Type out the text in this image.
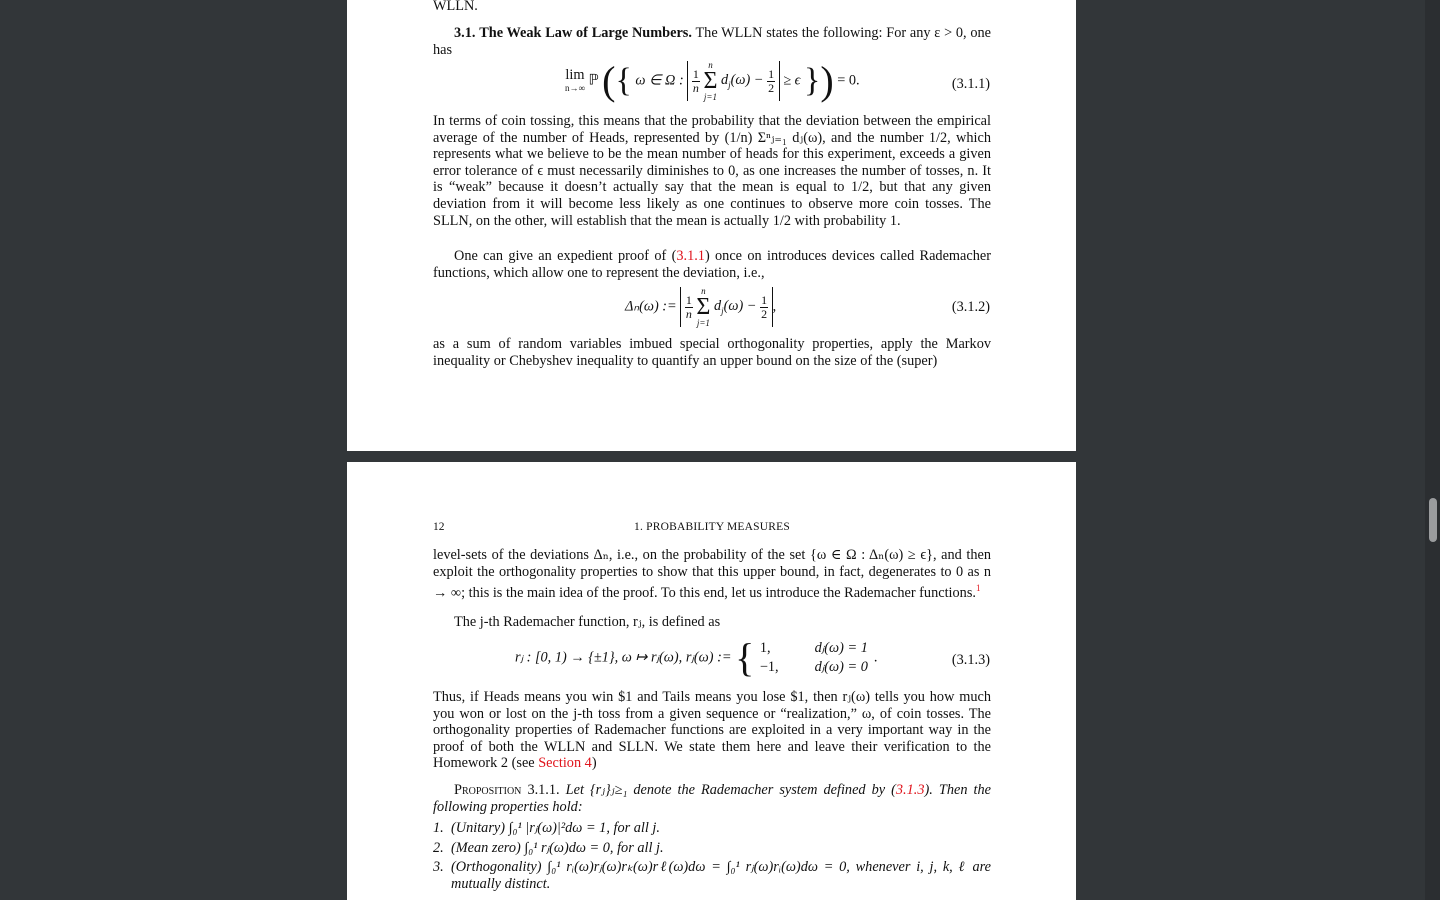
WLLN.
3.1. The Weak Law of Large Numbers. The WLLN states the following: For any ε > 0, one has
lim
n→∞ ℙ ({ ω ∈ Ω : $\frac{1}{n}$

n
Σ
j=1
$d_j(\omega) - \frac{1}{2} \ge \epsilon$ }) = 0.	(3.1.1)
In terms of coin tossing, this means that the probability that the deviation between the empirical average of the number of Heads, represented by (1/n) Σⁿⱼ₌₁ dⱼ(ω), and the number 1/2, which represents what we believe to be the mean number of heads for this experiment, exceeds a given error tolerance of ϵ must necessarily diminishes to 0, as one increases the number of tosses, n. It is “weak” because it doesn’t actually say that the mean is equal to 1/2, but that any given deviation from it will become less likely as one continues to observe more coin tosses. The SLLN, on the other, will establish that the mean is actually 1/2 with probability 1.
One can give an expedient proof of (3.1.1) once on introduces devices called Rademacher functions, which allow one to represent the deviation, i.e.,
Δₙ(ω) := $\frac{1}{n}$

n
Σ
j=1
$d_j(\omega) - \frac{1}{2}$ ,	(3.1.2)
as a sum of random variables imbued special orthogonality properties, apply the Markov inequality or Chebyshev inequality to quantify an upper bound on the size of the (super)
12	1. PROBABILITY MEASURES
level-sets of the deviations Δₙ, i.e., on the probability of the set {ω ∈ Ω : Δₙ(ω) ≥ ϵ}, and then exploit the orthogonality properties to show that this upper bound, in fact, degenerates to 0 as n → ∞; this is the main idea of the proof. To this end, let us introduce the Rademacher functions.$^1$
The j-th Rademacher function, rⱼ, is defined as
rⱼ : [0, 1) → {±1}, ω ↦ rⱼ(ω), rⱼ(ω) := { 1,	dⱼ(ω) = 1
−1,	dⱼ(ω) = 0
.	(3.1.3)
Thus, if Heads means you win $1 and Tails means you lose $1, then rⱼ(ω) tells you how much you won or lost on the j-th toss from a given sequence or “realization,” ω, of coin tosses. The orthogonality properties of Rademacher functions are exploited in a very important way in the proof of both the WLLN and SLLN. We state them here and leave their verification to the Homework 2 (see Section 4)
Proposition 3.1.1. Let {rⱼ}ⱼ≥₁ denote the Rademacher system defined by (3.1.3). Then the following properties hold:
1. (Unitary) ∫₀¹ |rⱼ(ω)|²dω = 1, for all j.
2. (Mean zero) ∫₀¹ rⱼ(ω)dω = 0, for all j.
3. (Orthogonality) ∫₀¹ rᵢ(ω)rⱼ(ω)rₖ(ω)rℓ(ω)dω = ∫₀¹ rⱼ(ω)rᵢ(ω)dω = 0, whenever i, j, k, ℓ are mutually distinct.
